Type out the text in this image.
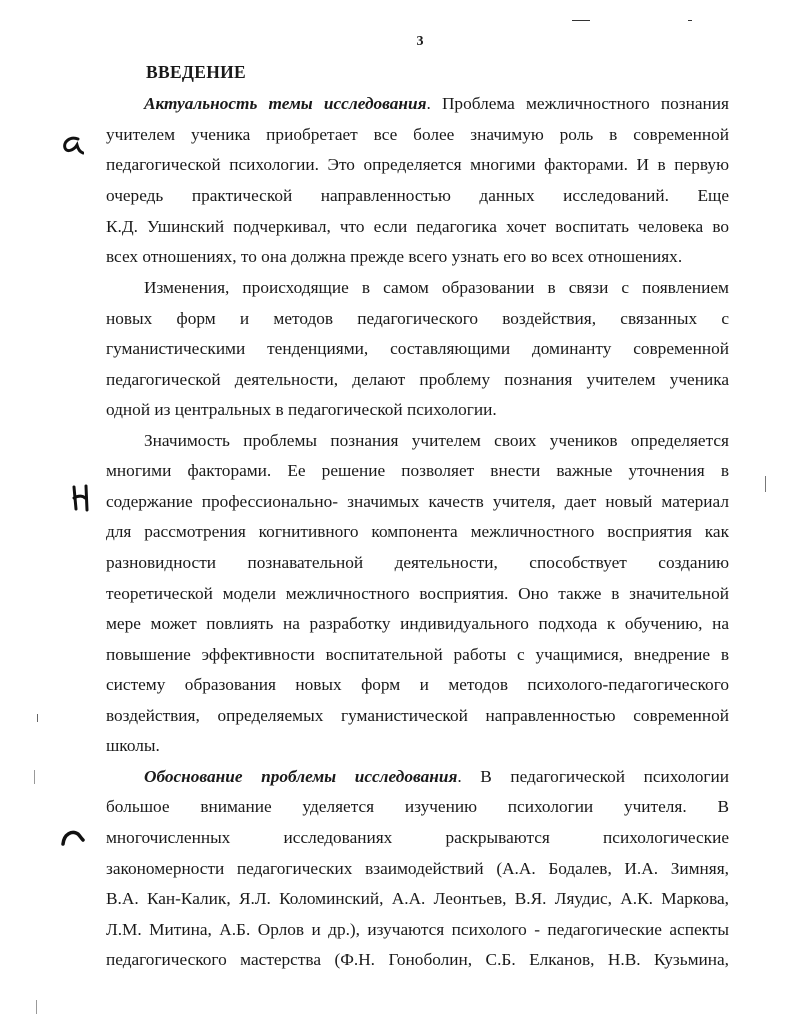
3
ВВЕДЕНИЕ
Актуальность темы исследования. Проблема межличностного познания
учителем ученика приобретает все более значимую роль в современной
педагогической психологии. Это определяется многими факторами. И в первую
очередь практической направленностью данных исследований. Еще
К.Д. Ушинский подчеркивал, что если педагогика хочет воспитать человека во
всех отношениях, то она должна прежде всего узнать его во всех отношениях.
Изменения, происходящие в самом образовании в связи с появлением
новых форм и методов педагогического воздействия, связанных с
гуманистическими тенденциями, составляющими доминанту современной
педагогической деятельности, делают проблему познания учителем ученика
одной из центральных в педагогической психологии.
Значимость проблемы познания учителем своих учеников определяется
многими факторами. Ее решение позволяет внести важные уточнения в
содержание профессионально- значимых качеств учителя, дает новый материал
для рассмотрения когнитивного компонента межличностного восприятия как
разновидности познавательной деятельности, способствует созданию
теоретической модели межличностного восприятия. Оно также в значительной
мере может повлиять на разработку индивидуального подхода к обучению, на
повышение эффективности воспитательной работы с учащимися, внедрение в
систему образования новых форм и методов психолого-педагогического
воздействия, определяемых гуманистической направленностью современной
школы.
Обоснование проблемы исследования. В педагогической психологии
большое внимание уделяется изучению психологии учителя. В
многочисленных исследованиях раскрываются психологические
закономерности педагогических взаимодействий (А.А. Бодалев, И.А. Зимняя,
В.А. Кан-Калик, Я.Л. Коломинский, А.А. Леонтьев, В.Я. Ляудис, А.К. Маркова,
Л.М. Митина, А.Б. Орлов и др.), изучаются психолого - педагогические аспекты
педагогического мастерства (Ф.Н. Гоноболин, С.Б. Елканов, Н.В. Кузьмина,
